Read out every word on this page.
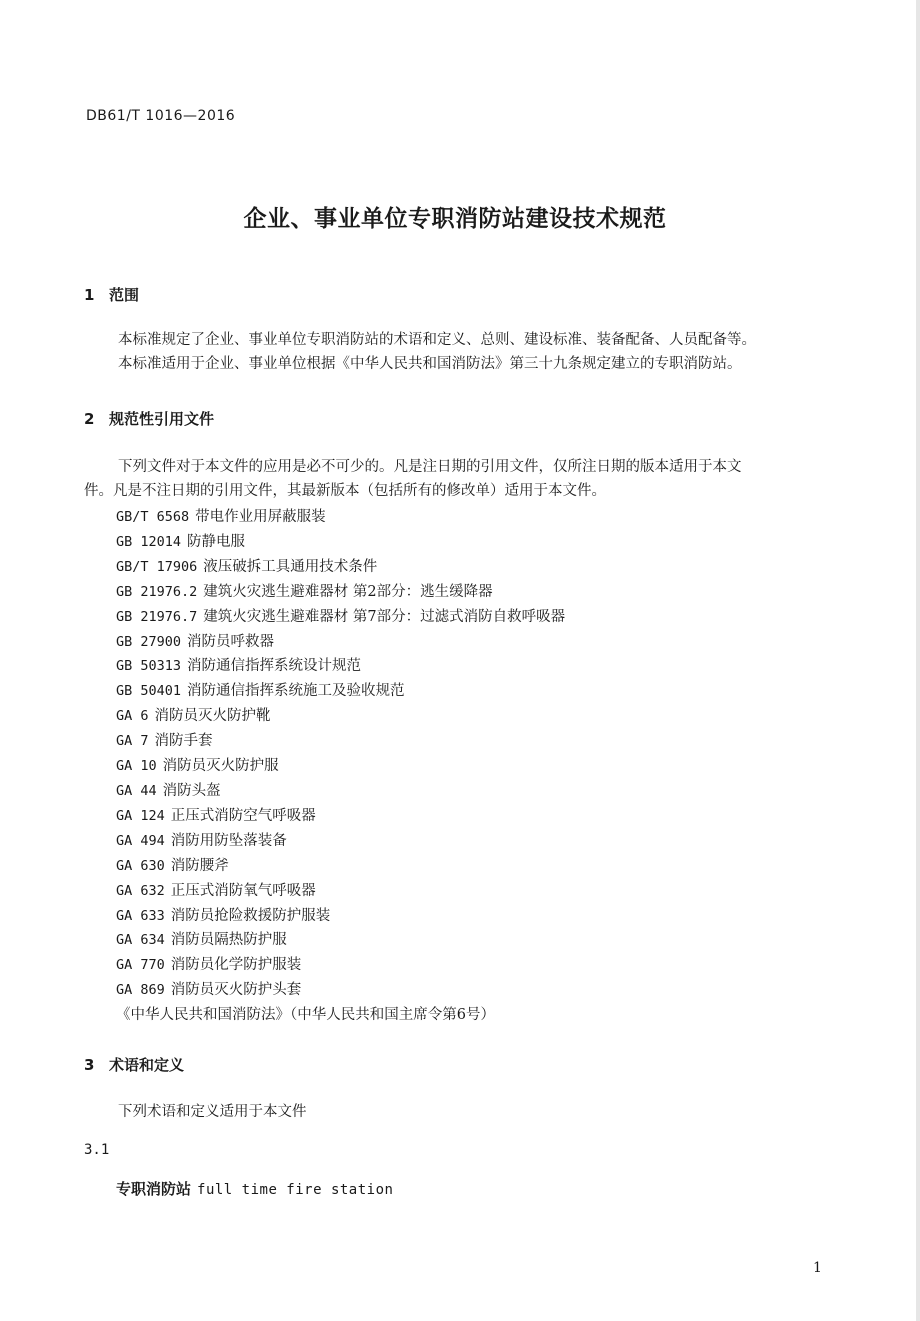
DB61/T 1016—2016
企业、事业单位专职消防站建设技术规范
1 范围
本标准规定了企业、事业单位专职消防站的术语和定义、总则、建设标准、装备配备、人员配备等。
本标准适用于企业、事业单位根据《中华人民共和国消防法》第三十九条规定建立的专职消防站。
2 规范性引用文件
下列文件对于本文件的应用是必不可少的。凡是注日期的引用文件，仅所注日期的版本适用于本文
件。凡是不注日期的引用文件，其最新版本（包括所有的修改单）适用于本文件。
GB/T 6568 带电作业用屏蔽服装
GB 12014 防静电服
GB/T 17906 液压破拆工具通用技术条件
GB 21976.2 建筑火灾逃生避难器材 第2部分：逃生缓降器
GB 21976.7 建筑火灾逃生避难器材 第7部分：过滤式消防自救呼吸器
GB 27900 消防员呼救器
GB 50313 消防通信指挥系统设计规范
GB 50401 消防通信指挥系统施工及验收规范
GA 6 消防员灭火防护靴
GA 7 消防手套
GA 10 消防员灭火防护服
GA 44 消防头盔
GA 124 正压式消防空气呼吸器
GA 494 消防用防坠落装备
GA 630 消防腰斧
GA 632 正压式消防氧气呼吸器
GA 633 消防员抢险救援防护服装
GA 634 消防员隔热防护服
GA 770 消防员化学防护服装
GA 869 消防员灭火防护头套
《中华人民共和国消防法》（中华人民共和国主席令第6号）
3 术语和定义
下列术语和定义适用于本文件
3.1
专职消防站 full time fire station
1
